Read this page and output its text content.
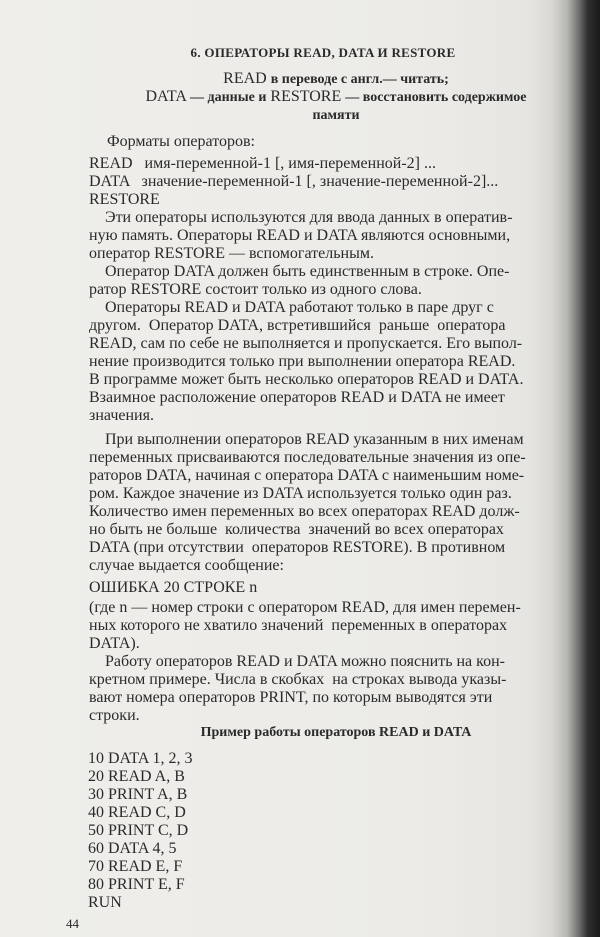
6. ОПЕРАТОРЫ READ, DATA И RESTORE
READ в переводе с англ.— читать;
DATA — данные и RESTORE — восстановить содержимое
памяти
Форматы операторов:
READ   имя-переменной-1 [, имя-переменной-2] ...
DATA   значение-переменной-1 [, значение-переменной-2]...
RESTORE
Эти операторы используются для ввода данных в оператив-
ную память. Операторы READ и DATA являются основными,
оператор RESTORE — вспомогательным.
Оператор DATA должен быть единственным в строке. Опе-
ратор RESTORE состоит только из одного слова.
Операторы READ и DATA работают только в паре друг с
другом.  Оператор DATA, встретившийся  раньше  оператора
READ, сам по себе не выполняется и пропускается. Его выпол-
нение производится только при выполнении оператора READ.
В программе может быть несколько операторов READ и DATA.
Взаимное расположение операторов READ и DATA не имеет
значения.
При выполнении операторов READ указанным в них именам
переменных присваиваются последовательные значения из опе-
раторов DATA, начиная с оператора DATA с наименьшим номе-
ром. Каждое значение из DATA используется только один раз.
Количество имен переменных во всех операторах READ долж-
но быть не больше  количества  значений во всех операторах
DATA (при отсутствии  операторов RESTORE). В противном
случае выдается сообщение:
ОШИБКА 20 СТРОКЕ n
(где n — номер строки с оператором READ, для имен перемен-
ных которого не хватило значений  переменных в операторах
DATA).
Работу операторов READ и DATA можно пояснить на кон-
кретном примере. Числа в скобках  на строках вывода указы-
вают номера операторов PRINT, по которым выводятся эти
строки.
Пример работы операторов READ и DATA
10 DATA 1, 2, 3
20 READ A, B
30 PRINT A, B
40 READ C, D
50 PRINT C, D
60 DATA 4, 5
70 READ E, F
80 PRINT E, F
RUN
44
